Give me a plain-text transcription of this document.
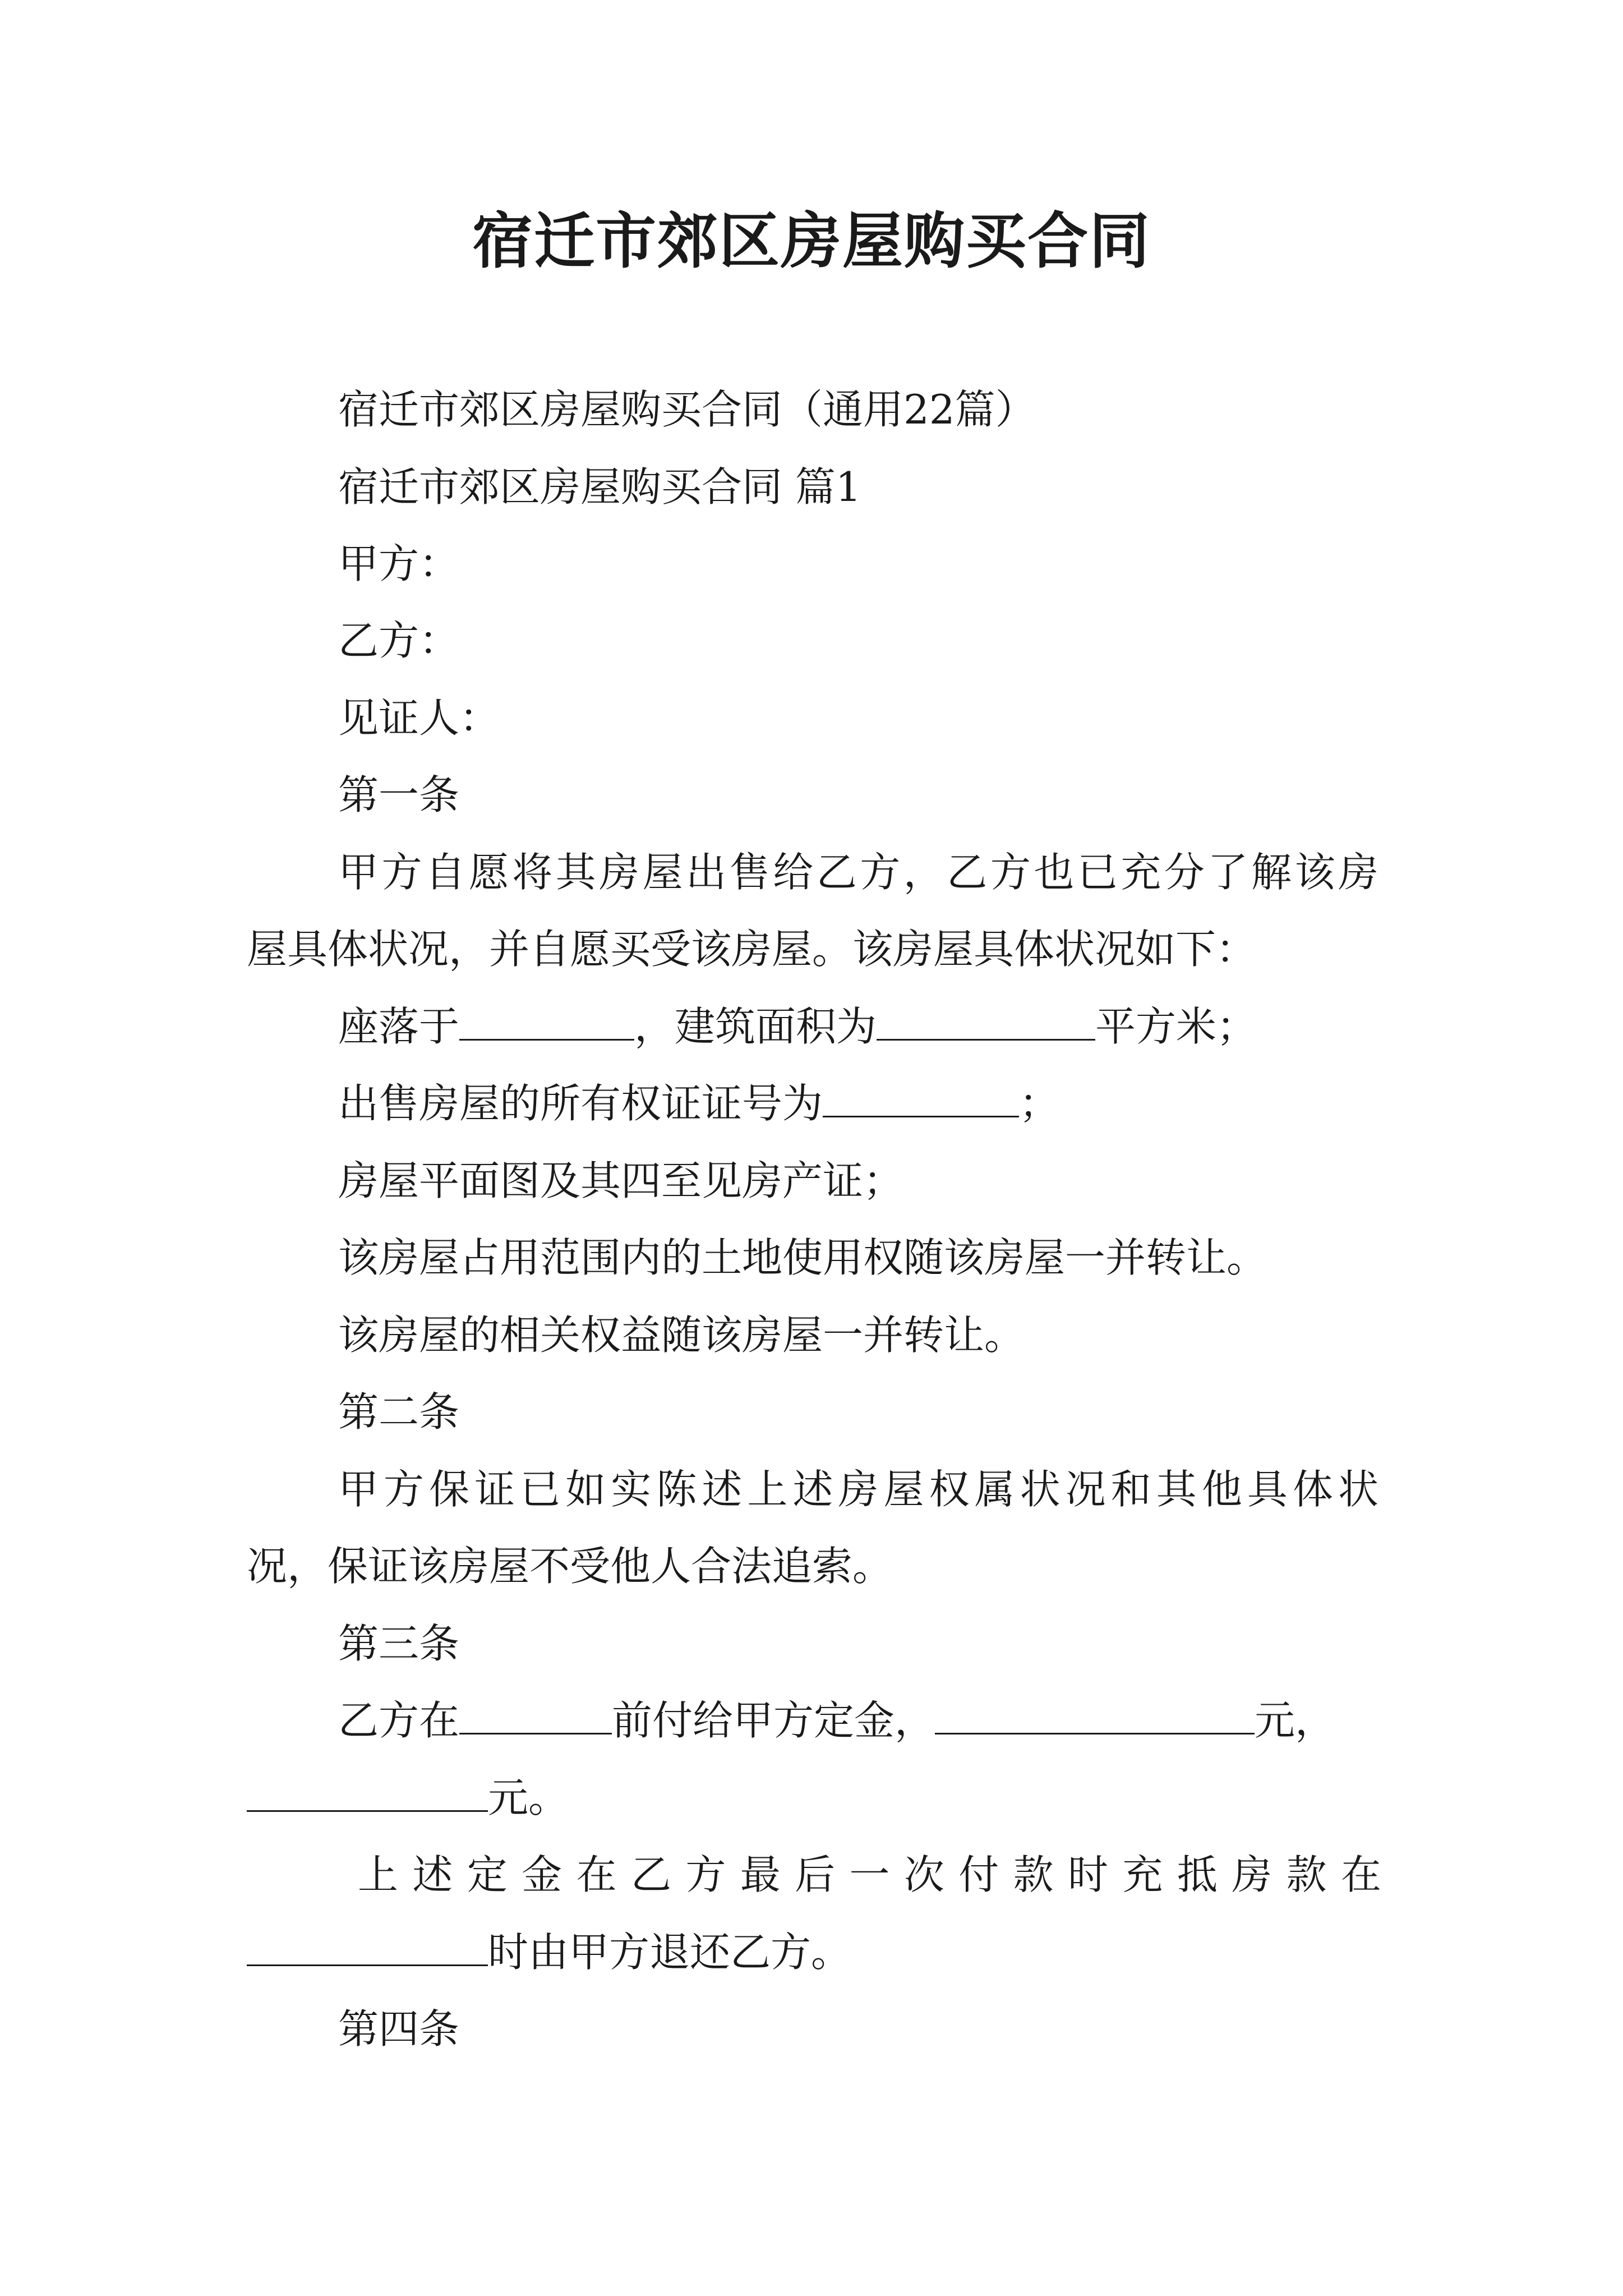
宿迁市郊区房屋购买合同
宿迁市郊区房屋购买合同（通用22篇）
宿迁市郊区房屋购买合同 篇1
甲方：
乙方：
见证人：
第一条
甲方自愿将其房屋出售给乙方，乙方也已充分了解该房
屋具体状况，并自愿买受该房屋。该房屋具体状况如下：
座落于	，建筑面积为	平方米；
出售房屋的所有权证证号为	；
房屋平面图及其四至见房产证；
该房屋占用范围内的土地使用权随该房屋一并转让。
该房屋的相关权益随该房屋一并转让。
第二条
甲方保证已如实陈述上述房屋权属状况和其他具体状
况，保证该房屋不受他人合法追索。
第三条
乙方在	前付给甲方定金，	元，
元。
上述定金在乙方最后一次付款时充抵房款在
时由甲方退还乙方。
第四条
